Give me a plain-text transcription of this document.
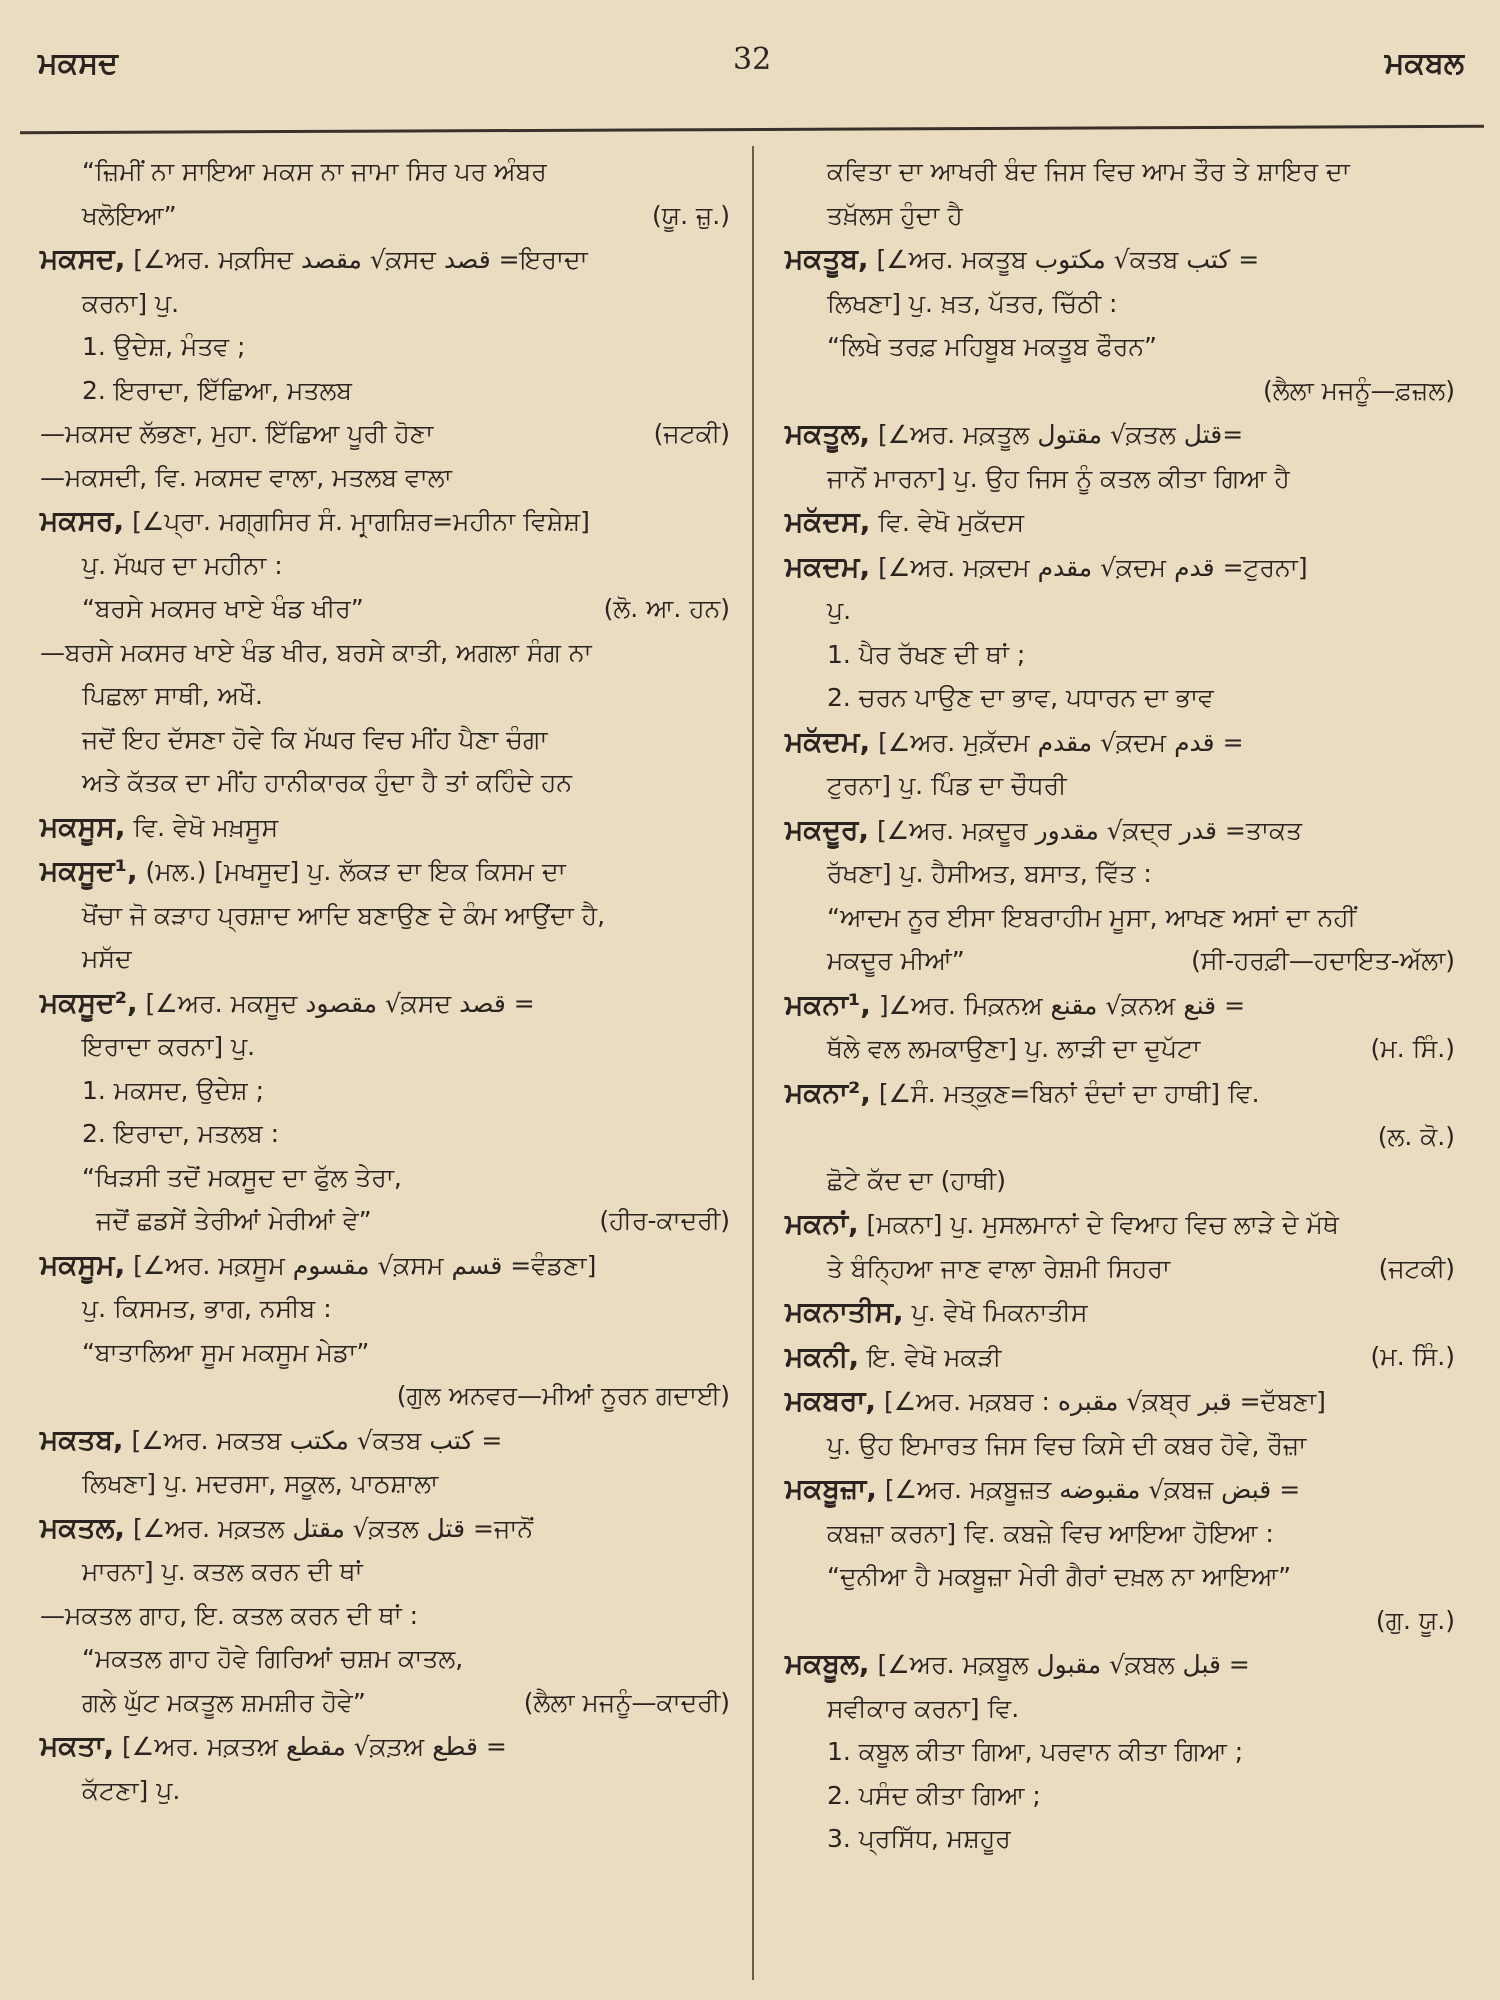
ਮਕਸਦ	32	ਮਕਬਲ
“ਜ਼ਿਮੀਂ ਨਾ ਸਾਇਆ ਮਕਸ ਨਾ ਜਾਮਾ ਸਿਰ ਪਰ ਅੰਬਰ
ਖਲੋਇਆ”	(ਯੂ. ਜ਼ੁ.)
ਮਕਸਦ, [∠ਅਰ. ਮਕ਼ਸਿਦ ﻣﻘﺼﺪ √ਕ਼ਸਦ ﻗﺼﺪ =ਇਰਾਦਾ
ਕਰਨਾ] ਪੁ.
1. ਉਦੇਸ਼, ਮੰਤਵ ;
2. ਇਰਾਦਾ, ਇੱਛਿਆ, ਮਤਲਬ
—ਮਕਸਦ ਲੱਭਣਾ, ਮੁਹਾ. ਇੱਛਿਆ ਪੂਰੀ ਹੋਣਾ	(ਜਟਕੀ)
—ਮਕਸਦੀ, ਵਿ. ਮਕਸਦ ਵਾਲਾ, ਮਤਲਬ ਵਾਲਾ
ਮਕਸਰ, [∠ਪ੍ਰਾ. ਮਗ੍ਗਸਿਰ ਸੰ. ਮਾਰ੍ਗਸ਼ਿਰ=ਮਹੀਨਾ ਵਿਸ਼ੇਸ਼]
ਪੁ. ਮੱਘਰ ਦਾ ਮਹੀਨਾ :
“ਬਰਸੇ ਮਕਸਰ ਖਾਏ ਖੰਡ ਖੀਰ”	(ਲੋ. ਆ. ਹਨ)
—ਬਰਸੇ ਮਕਸਰ ਖਾਏ ਖੰਡ ਖੀਰ, ਬਰਸੇ ਕਾਤੀ, ਅਗਲਾ ਸੰਗ ਨਾ
ਪਿਛਲਾ ਸਾਥੀ, ਅਖੌ.
ਜਦੋਂ ਇਹ ਦੱਸਣਾ ਹੋਵੇ ਕਿ ਮੱਘਰ ਵਿਚ ਮੀਂਹ ਪੈਣਾ ਚੰਗਾ
ਅਤੇ ਕੱਤਕ ਦਾ ਮੀਂਹ ਹਾਨੀਕਾਰਕ ਹੁੰਦਾ ਹੈ ਤਾਂ ਕਹਿੰਦੇ ਹਨ
ਮਕਸੂਸ, ਵਿ. ਵੇਖੋ ਮਖ਼ਸੂਸ
ਮਕਸੂਦ¹, (ਮਲ.) [ਮਖਸੂਦ] ਪੁ. ਲੱਕੜ ਦਾ ਇਕ ਕਿਸਮ ਦਾ
ਖੋਂਚਾ ਜੋ ਕੜਾਹ ਪ੍ਰਸ਼ਾਦ ਆਦਿ ਬਣਾਉਣ ਦੇ ਕੰਮ ਆਉਂਦਾ ਹੈ,
ਮਸੱਦ
ਮਕਸੂਦ², [∠ਅਰ. ਮਕਸੂਦ ﻣﻘﺼﻮﺩ √ਕ਼ਸਦ ﻗﺼﺪ =
ਇਰਾਦਾ ਕਰਨਾ] ਪੁ.
1. ਮਕਸਦ, ਉਦੇਸ਼ ;
2. ਇਰਾਦਾ, ਮਤਲਬ :
“ਖਿੜਸੀ ਤਦੋਂ ਮਕਸੂਦ ਦਾ ਫੁੱਲ ਤੇਰਾ,
ਜਦੋਂ ਛਡਸੇਂ ਤੇਰੀਆਂ ਮੇਰੀਆਂ ਵੇ”	(ਹੀਰ-ਕਾਦਰੀ)
ਮਕਸੂਮ, [∠ਅਰ. ਮਕ਼ਸੂਮ ﻣﻘﺴﻮﻡ √ਕ਼ਸਮ ﻗﺴﻢ =ਵੰਡਣਾ]
ਪੁ. ਕਿਸਮਤ, ਭਾਗ, ਨਸੀਬ :
“ਬਾਤਾਲਿਆ ਸੂਮ ਮਕਸੂਮ ਮੇਡਾ”
(ਗੁਲ ਅਨਵਰ—ਮੀਆਂ ਨੂਰਨ ਗਦਾਈ)

ਮਕਤਬ, [∠ਅਰ. ਮਕਤਬ ﻣﻜﺘﺐ √ਕਤਬ ﻛﺘﺐ =
ਲਿਖਣਾ] ਪੁ. ਮਦਰਸਾ, ਸਕੂਲ, ਪਾਠਸ਼ਾਲਾ
ਮਕਤਲ, [∠ਅਰ. ਮਕ਼ਤਲ ﻣﻘﺘﻞ √ਕ਼ਤਲ ﻗﺘﻞ =ਜਾਨੋਂ
ਮਾਰਨਾ] ਪੁ. ਕਤਲ ਕਰਨ ਦੀ ਥਾਂ
—ਮਕਤਲ ਗਾਹ, ਇ. ਕਤਲ ਕਰਨ ਦੀ ਥਾਂ :
“ਮਕਤਲ ਗਾਹ ਹੋਵੇ ਗਿਰਿਆਂ ਚਸ਼ਮ ਕਾਤਲ,
ਗਲੇ ਘੁੱਟ ਮਕਤੂਲ ਸ਼ਮਸ਼ੀਰ ਹੋਵੇ”	(ਲੈਲਾ ਮਜਨੂੰ—ਕਾਦਰੀ)
ਮਕਤਾ, [∠ਅਰ. ਮਕ਼ਤਅ਼ ﻣﻘﻄﻊ √ਕ਼ਤ਼ਅ਼ ﻗﻄﻊ =
ਕੱਟਣਾ] ਪੁ.
ਕਵਿਤਾ ਦਾ ਆਖਰੀ ਬੰਦ ਜਿਸ ਵਿਚ ਆਮ ਤੌਰ ਤੇ ਸ਼ਾਇਰ ਦਾ
ਤਖ਼ੱਲਸ ਹੁੰਦਾ ਹੈ
ਮਕਤੂਬ, [∠ਅਰ. ਮਕਤੂਬ ﻣﻜﺘﻮﺏ √ਕਤਬ ﻛﺘﺐ =
ਲਿਖਣਾ] ਪੁ. ਖ਼ਤ, ਪੱਤਰ, ਚਿੱਠੀ :
“ਲਿਖੇ ਤਰਫ਼ ਮਹਿਬੂਬ ਮਕਤੂਬ ਫੌਰਨ”
(ਲੈਲਾ ਮਜਨੂੰ—ਫ਼ਜ਼ਲ)

ਮਕਤੂਲ, [∠ਅਰ. ਮਕ਼ਤੂਲ ﻣﻘﺘﻮﻝ √ਕ਼ਤਲ ﻗﺘﻞ=
ਜਾਨੋਂ ਮਾਰਨਾ] ਪੁ. ਉਹ ਜਿਸ ਨੂੰ ਕਤਲ ਕੀਤਾ ਗਿਆ ਹੈ
ਮਕੱਦਸ, ਵਿ. ਵੇਖੋ ਮੁਕੱਦਸ
ਮਕਦਮ, [∠ਅਰ. ਮਕ਼ਦਮ ﻣﻘﺪﻡ √ਕ਼ਦਮ ﻗﺪﻡ =ਟੁਰਨਾ]
ਪੁ.
1. ਪੈਰ ਰੱਖਣ ਦੀ ਥਾਂ ;
2. ਚਰਨ ਪਾਉਣ ਦਾ ਭਾਵ, ਪਧਾਰਨ ਦਾ ਭਾਵ
ਮਕੱਦਮ, [∠ਅਰ. ਮੁਕ਼ੱਦਮ ﻣﻘﺪﻡ √ਕ਼ਦਮ ﻗﺪﻡ =
ਟੁਰਨਾ] ਪੁ. ਪਿੰਡ ਦਾ ਚੌਧਰੀ
ਮਕਦੂਰ, [∠ਅਰ. ਮਕ਼ਦੂਰ ﻣﻘﺪﻭﺭ √ਕ਼ਦ੍ਰ ﻗﺪﺭ =ਤਾਕਤ
ਰੱਖਣਾ] ਪੁ. ਹੈਸੀਅਤ, ਬਸਾਤ, ਵਿੱਤ :
“ਆਦਮ ਨੂਰ ਈਸਾ ਇਬਰਾਹੀਮ ਮੂਸਾ, ਆਖਣ ਅਸਾਂ ਦਾ ਨਹੀਂ
ਮਕਦੂਰ ਮੀਆਂ”	(ਸੀ-ਹਰਫ਼ੀ—ਹਦਾਇਤ-ਅੱਲਾ)
ਮਕਨਾ¹, ]∠ਅਰ. ਮਿਕ਼ਨਅ਼ ﻣﻘﻨﻊ √ਕ਼ਨਅ਼ ﻗﻨﻊ =
ਥੱਲੇ ਵਲ ਲਮਕਾਉਣਾ] ਪੁ. ਲਾੜੀ ਦਾ ਦੁਪੱਟਾ	(ਮ. ਸਿੰ.)
ਮਕਨਾ², [∠ਸੰ. ਮਤ੍ਕੁਣ=ਬਿਨਾਂ ਦੰਦਾਂ ਦਾ ਹਾਥੀ] ਵਿ.

(ਲ. ਕੋ.)
ਛੋਟੇ ਕੱਦ ਦਾ (ਹਾਥੀ)
ਮਕਨਾਂ, [ਮਕਨਾ] ਪੁ. ਮੁਸਲਮਾਨਾਂ ਦੇ ਵਿਆਹ ਵਿਚ ਲਾੜੇ ਦੇ ਮੱਥੇ
ਤੇ ਬੰਨ੍ਹਿਆ ਜਾਣ ਵਾਲਾ ਰੇਸ਼ਮੀ ਸਿਹਰਾ	(ਜਟਕੀ)
ਮਕਨਾਤੀਸ, ਪੁ. ਵੇਖੋ ਮਿਕਨਾਤੀਸ
ਮਕਨੀ, ਇ. ਵੇਖੋ ਮਕੜੀ	(ਮ. ਸਿੰ.)
ਮਕਬਰਾ, [∠ਅਰ. ਮਕ਼ਬਰ : ﻣﻘﺒﺮﻩ √ਕ਼ਬ੍ਰ ﻗﺒﺮ =ਦੱਬਣਾ]
ਪੁ. ਉਹ ਇਮਾਰਤ ਜਿਸ ਵਿਚ ਕਿਸੇ ਦੀ ਕਬਰ ਹੋਵੇ, ਰੌਜ਼ਾ
ਮਕਬੂਜ਼ਾ, [∠ਅਰ. ਮਕ਼ਬੂਜ਼ਤ ﻣﻘﺒﻮﺿﻪ √ਕ਼ਬਜ਼ ﻗﺒﺾ =
ਕਬਜ਼ਾ ਕਰਨਾ] ਵਿ. ਕਬਜ਼ੇ ਵਿਚ ਆਇਆ ਹੋਇਆ :
“ਦੁਨੀਆ ਹੈ ਮਕਬੂਜ਼ਾ ਮੇਰੀ ਗੈਰਾਂ ਦਖ਼ਲ ਨਾ ਆਇਆ”
(ਗੁ. ਯੂ.)

ਮਕਬੂਲ, [∠ਅਰ. ਮਕ਼ਬੂਲ ﻣﻘﺒﻮﻝ √ਕ਼ਬਲ ﻗﺒﻞ =
ਸਵੀਕਾਰ ਕਰਨਾ] ਵਿ.
1. ਕਬੂਲ ਕੀਤਾ ਗਿਆ, ਪਰਵਾਨ ਕੀਤਾ ਗਿਆ ;
2. ਪਸੰਦ ਕੀਤਾ ਗਿਆ ;
3. ਪ੍ਰਸਿੱਧ, ਮਸ਼ਹੂਰ
